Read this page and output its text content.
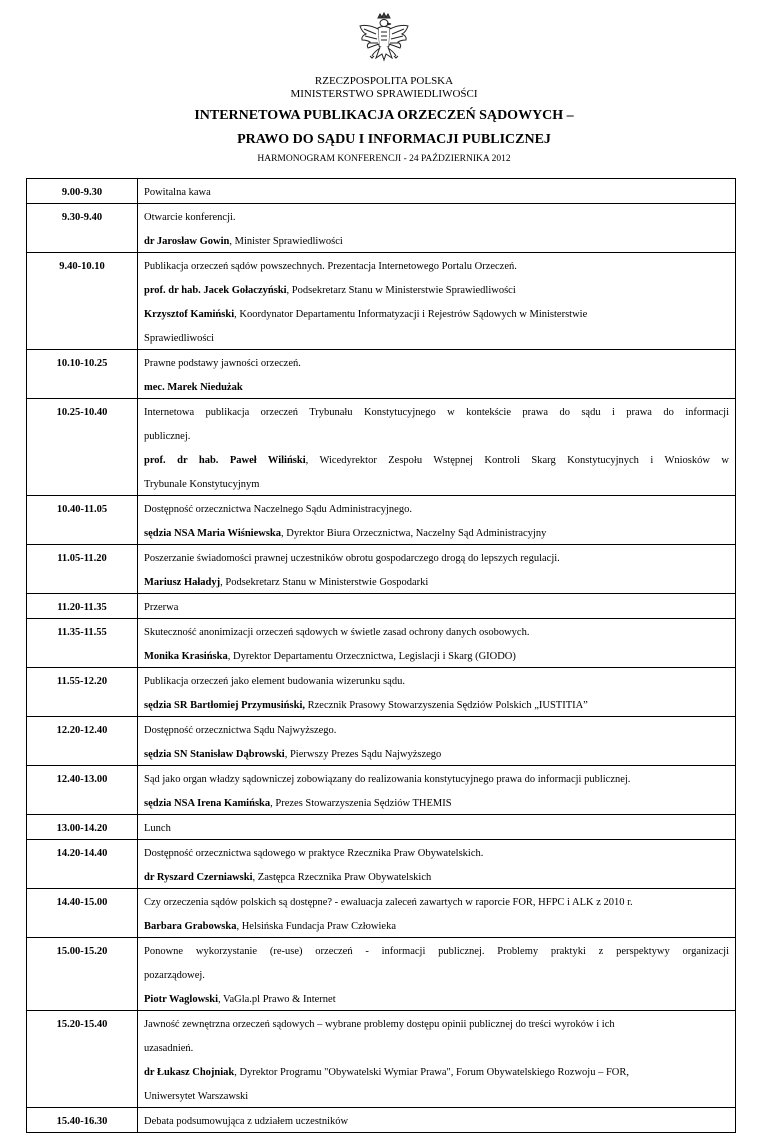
RZECZPOSPOLITA POLSKA
MINISTERSTWO SPRAWIEDLIWOŚCI
INTERNETOWA PUBLIKACJA ORZECZEŃ SĄDOWYCH –
PRAWO DO SĄDU I INFORMACJI PUBLICZNEJ
HARMONOGRAM KONFERENCJI - 24 PAŹDZIERNIKA 2012
9.00-9.30	Powitalna kawa

9.30-9.40	Otwarcie konferencji.
dr Jarosław Gowin, Minister Sprawiedliwości

9.40-10.10	Publikacja orzeczeń sądów powszechnych. Prezentacja Internetowego Portalu Orzeczeń.
prof. dr hab. Jacek Gołaczyński, Podsekretarz Stanu w Ministerstwie Sprawiedliwości
Krzysztof Kamiński, Koordynator Departamentu Informatyzacji i Rejestrów Sądowych w Ministerstwie
Sprawiedliwości

10.10-10.25	Prawne podstawy jawności orzeczeń.
mec. Marek Niedużak

10.25-10.40	Internetowa publikacja orzeczeń Trybunału Konstytucyjnego w kontekście prawa do sądu i prawa do informacji
publicznej.
prof. dr hab. Paweł Wiliński, Wicedyrektor Zespołu Wstępnej Kontroli Skarg Konstytucyjnych i Wniosków w
Trybunale Konstytucyjnym

10.40-11.05	Dostępność orzecznictwa Naczelnego Sądu Administracyjnego.
sędzia NSA Maria Wiśniewska, Dyrektor Biura Orzecznictwa, Naczelny Sąd Administracyjny

11.05-11.20	Poszerzanie świadomości prawnej uczestników obrotu gospodarczego drogą do lepszych regulacji.
Mariusz Haładyj, Podsekretarz Stanu w Ministerstwie Gospodarki

11.20-11.35	Przerwa

11.35-11.55	Skuteczność anonimizacji orzeczeń sądowych w świetle zasad ochrony danych osobowych.
Monika Krasińska, Dyrektor Departamentu Orzecznictwa, Legislacji i Skarg (GIODO)

11.55-12.20	Publikacja orzeczeń jako element budowania wizerunku sądu.
sędzia SR Bartłomiej Przymusiński, Rzecznik Prasowy Stowarzyszenia Sędziów Polskich „IUSTITIA”

12.20-12.40	Dostępność orzecznictwa Sądu Najwyższego.
sędzia SN Stanisław Dąbrowski, Pierwszy Prezes Sądu Najwyższego

12.40-13.00	Sąd jako organ władzy sądowniczej zobowiązany do realizowania konstytucyjnego prawa do informacji publicznej.
sędzia NSA Irena Kamińska, Prezes Stowarzyszenia Sędziów THEMIS

13.00-14.20	Lunch

14.20-14.40	Dostępność orzecznictwa sądowego w praktyce Rzecznika Praw Obywatelskich.
dr Ryszard Czerniawski, Zastępca Rzecznika Praw Obywatelskich

14.40-15.00	Czy orzeczenia sądów polskich są dostępne? - ewaluacja zaleceń zawartych w raporcie FOR, HFPC i ALK z 2010 r.
Barbara Grabowska, Helsińska Fundacja Praw Człowieka

15.00-15.20	Ponowne wykorzystanie (re-use) orzeczeń - informacji publicznej. Problemy praktyki z perspektywy organizacji
pozarządowej.
Piotr Waglowski, VaGla.pl Prawo & Internet

15.20-15.40	Jawność zewnętrzna orzeczeń sądowych – wybrane problemy dostępu opinii publicznej do treści wyroków i ich
uzasadnień.
dr Łukasz Chojniak, Dyrektor Programu "Obywatelski Wymiar Prawa", Forum Obywatelskiego Rozwoju – FOR,
Uniwersytet Warszawski

15.40-16.30	Debata podsumowująca z udziałem uczestników
